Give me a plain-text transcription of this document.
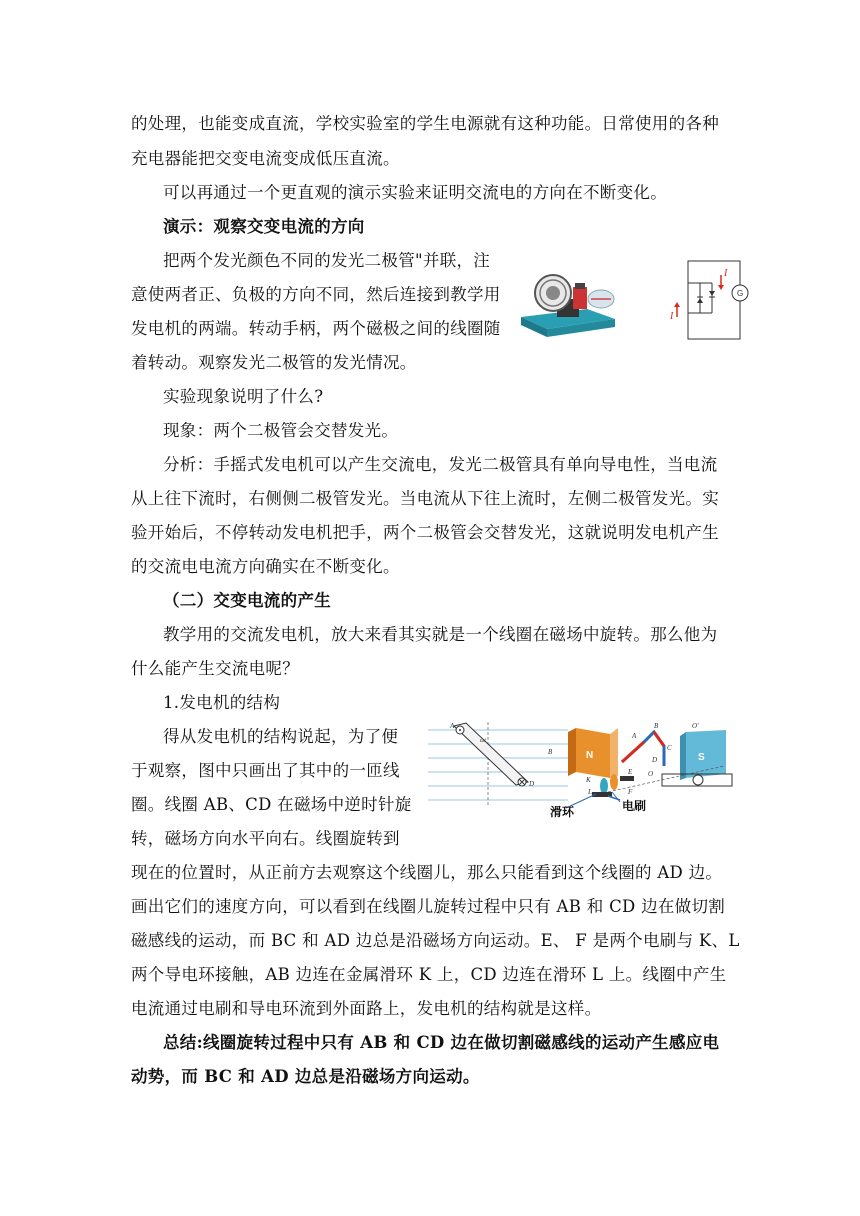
的处理，也能变成直流，学校实验室的学生电源就有这种功能。日常使用的各种
充电器能把交变电流变成低压直流。
可以再通过一个更直观的演示实验来证明交流电的方向在不断变化。
演示：观察交变电流的方向
把两个发光颜色不同的发光二极管"并联，注
意使两者正、负极的方向不同，然后连接到教学用
发电机的两端。转动手柄，两个磁极之间的线圈随
着转动。观察发光二极管的发光情况。
I
I
G
实验现象说明了什么?
现象：两个二极管会交替发光。
分析：手摇式发电机可以产生交流电，发光二极管具有单向导电性，当电流
从上往下流时，右侧侧二极管发光。当电流从下往上流时，左侧二极管发光。实
验开始后，不停转动发电机把手，两个二极管会交替发光，这就说明发电机产生
的交流电电流方向确实在不断变化。
（二）交变电流的产生
教学用的交流发电机，放大来看其实就是一个线圈在磁场中旋转。那么他为
什么能产生交流电呢？
1.发电机的结构
得从发电机的结构说起，为了便
于观察，图中只画出了其中的一匝线
圈。线圈 AB、CD 在磁场中逆时针旋
转，磁场方向水平向右。线圈旋转到
A
D
B
ωt
N	S
A
B
C
D
O
O'
K
L
E
F
滑环	电刷
现在的位置时，从正前方去观察这个线圈儿，那么只能看到这个线圈的 AD 边。
画出它们的速度方向，可以看到在线圈儿旋转过程中只有 AB 和 CD 边在做切割
磁感线的运动，而 BC 和 AD 边总是沿磁场方向运动。E、 F 是两个电刷与 K、L
两个导电环接触，AB 边连在金属滑环 K 上，CD 边连在滑环 L 上。线圈中产生
电流通过电刷和导电环流到外面路上，发电机的结构就是这样。
总结:线圈旋转过程中只有 AB 和 CD 边在做切割磁感线的运动产生感应电
动势，而 BC 和 AD 边总是沿磁场方向运动。
